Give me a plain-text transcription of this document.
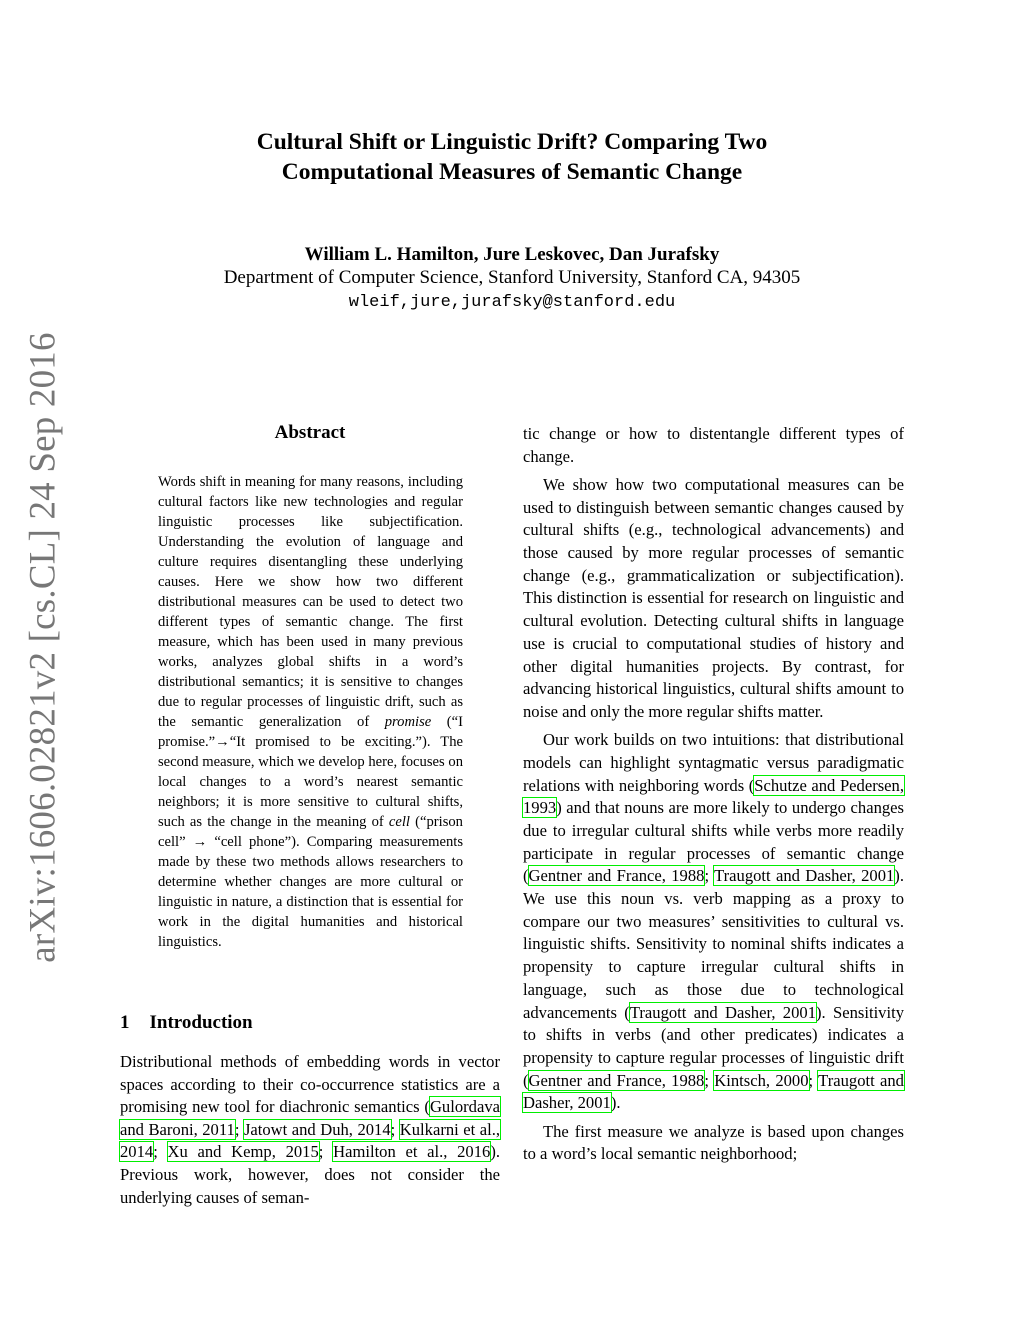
arXiv:1606.02821v2 [cs.CL] 24 Sep 2016
Cultural Shift or Linguistic Drift? Comparing Two
Computational Measures of Semantic Change
William L. Hamilton, Jure Leskovec, Dan Jurafsky
Department of Computer Science, Stanford University, Stanford CA, 94305
wleif,jure,jurafsky@stanford.edu
Abstract
Words shift in meaning for many reasons, including cultural factors like new technologies and regular linguistic processes like subjectification. Understanding the evolution of language and culture requires disentangling these underlying causes. Here we show how two different distributional measures can be used to detect two different types of semantic change. The first measure, which has been used in many previous works, analyzes global shifts in a word’s distributional semantics; it is sensitive to changes due to regular processes of linguistic drift, such as the semantic generalization of promise (“I promise.”→“It promised to be exciting.”). The second measure, which we develop here, focuses on local changes to a word’s nearest semantic neighbors; it is more sensitive to cultural shifts, such as the change in the meaning of cell (“prison cell” → “cell phone”). Comparing measurements made by these two methods allows researchers to determine whether changes are more cultural or linguistic in nature, a distinction that is essential for work in the digital humanities and historical linguistics.
1 Introduction
Distributional methods of embedding words in vector spaces according to their co-occurrence statistics are a promising new tool for diachronic semantics (Gulordava and Baroni, 2011; Jatowt and Duh, 2014; Kulkarni et al., 2014; Xu and Kemp, 2015; Hamilton et al., 2016). Previous work, however, does not consider the underlying causes of seman-

tic change or how to distentangle different types of change.

We show how two computational measures can be used to distinguish between semantic changes caused by cultural shifts (e.g., technological advancements) and those caused by more regular processes of semantic change (e.g., grammaticalization or subjectification). This distinction is essential for research on linguistic and cultural evolution. Detecting cultural shifts in language use is crucial to computational studies of history and other digital humanities projects. By contrast, for advancing historical linguistics, cultural shifts amount to noise and only the more regular shifts matter.

Our work builds on two intuitions: that distributional models can highlight syntagmatic versus paradigmatic relations with neighboring words (Schutze and Pedersen, 1993) and that nouns are more likely to undergo changes due to irregular cultural shifts while verbs more readily participate in regular processes of semantic change (Gentner and France, 1988; Traugott and Dasher, 2001). We use this noun vs. verb mapping as a proxy to compare our two measures’ sensitivities to cultural vs. linguistic shifts. Sensitivity to nominal shifts indicates a propensity to capture irregular cultural shifts in language, such as those due to technological advancements (Traugott and Dasher, 2001). Sensitivity to shifts in verbs (and other predicates) indicates a propensity to capture regular processes of linguistic drift (Gentner and France, 1988; Kintsch, 2000; Traugott and Dasher, 2001).

The first measure we analyze is based upon changes to a word’s local semantic neighborhood;
